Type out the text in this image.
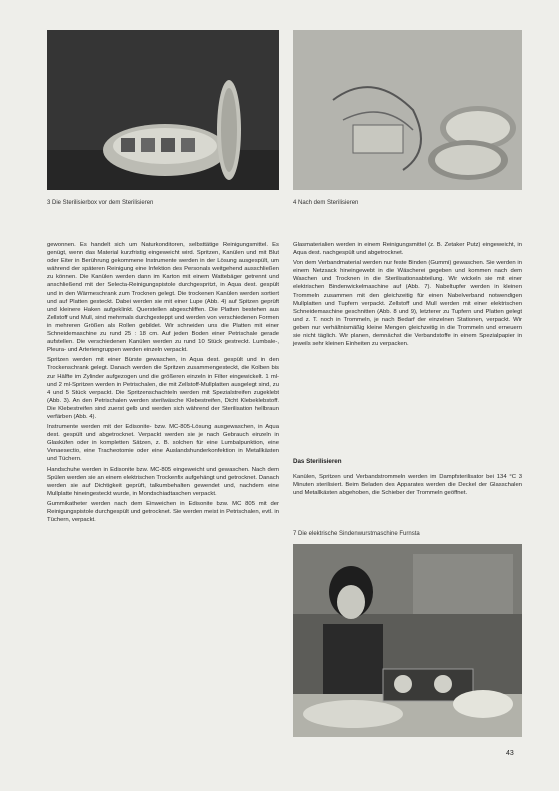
3 Die Sterilisierbox vor dem Sterilisieren	4 Nach dem Sterilisieren

gewonnen. Es handelt sich um Naturkonditoren, selbsttätige Reinigungsmittel. Es genügt, wenn das Material kurzfristig eingeweicht wird. Spritzen, Kanülen und mit Blut oder Eiter in Berührung gekommene Instrumente werden in der Lösung ausgespült, um während der späteren Reinigung eine Infektion des Personals weitgehend ausschließen zu können. Die Kanülen werden dann im Karton mit einem Wattebäger getrennt und anschließend mit der Selecta-Reinigungspistole durchgespritzt, in Aqua dest. gespült und in den Wärmeschrank zum Trocknen gelegt. Die trockenen Kanülen werden sortiert und auf Platten gesteckt. Dabei werden sie mit einer Lupe (Abb. 4) auf Spitzen geprüft und kleinere Haken aufgeklinkt. Querstellen abgeschliffen. Die Platten bestehen aus Zellstoff und Mull, sind mehrmals durchgesteppt und werden von verschiedenen Formen in mehreren Größen als Rollen gebildet. Wir schneiden uns die Platten mit einer Schneidemaschine zu rund 25 : 18 cm. Auf jeden Boden einer Petrischale gerade aufstellen. Die verschiedenen Kanülen werden zu rund 10 Stück gestreckt. Lumbale-, Pleura- und Arteriengruppen werden einzeln verpackt.

Spritzen werden mit einer Bürste gewaschen, in Aqua dest. gespült und in den Trockenschrank gelegt. Danach werden die Spritzen zusammengesteckt, die Kolben bis zur Hälfte im Zylinder aufgezogen und die größeren einzeln in Filter eingewickelt. 1 ml- und 2 ml-Spritzen werden in Petrischalen, die mit Zellstoff-Mullplatten ausgelegt sind, zu 4 und 5 Stück verpackt. Die Spritzenschachteln werden mit Spezialstreifen zugeklebt (Abb. 3). An den Petrischalen werden sterilwäsche Klebestreifen, Dicht Klebeklebstoff. Die Klebestreifen sind zuerst gelb und werden sich während der Sterilisation hellbraun verfärben (Abb. 4).

Instrumente werden mit der Edisonite- bzw. MC-805-Lösung ausgewaschen, in Aqua dest. gespült und abgetrocknet. Verpackt werden sie je nach Gebrauch einzeln in Glasküfen oder in kompletten Sätzen, z. B. solchen für eine Lumbalpunktion, eine Venaesectio, eine Tracheotomie oder eine Auslandshunderkonfektion in Metallkästen und Tüchern.

Handschuhe werden in Edisonite bzw. MC-805 eingeweicht und gewaschen. Nach dem Spülen werden sie an einem elektrischen Trockenfix aufgehängt und getrocknet. Danach werden sie auf Dichtigkeit geprüft, talkumbehalten gewendet und, nachdem eine Mullplatte hineingesteckt wurde, in Mondschiadtaschen verpackt.

Gummikatheter werden nach dem Einweichen in Edisonite bzw. MC 805 mit der Reinigungspistole durchgespült und getrocknet. Sie werden meist in Petrischalen, evtl. in Tüchern, verpackt.

Glasmaterialien werden in einem Reinigungsmittel (z. B. Zetaker Putz) eingeweicht, in Aqua dest. nachgespült und abgetrocknet.

Von dem Verbandmaterial werden nur feste Binden (Gummi) gewaschen. Sie werden in einem Netzsack hineingewebt in die Wäscherei gegeben und kommen nach dem Waschen und Trocknen in die Sterilisationsabteilung. Wir wickeln sie mit einer elektrischen Bindenwickelmaschine auf (Abb. 7). Nabeltupfer werden in kleinen Trommeln zusammen mit den gleichzeitig für einen Nabelverband notwendigen Mullplatten und Tupfern verpackt. Zellstoff und Mull werden mit einer elektrischen Schneidemaschine geschnitten (Abb. 8 und 9), letzterer zu Tupfern und Platten gelegt und z. T. noch in Trommeln, je nach Bedarf der einzelnen Stationen, verpackt. Wir geben nur verhältnismäßig kleine Mengen gleichzeitig in die Trommeln und erneuern sie nicht täglich. Wir planen, demnächst die Verbandstoffe in einem Spezialpapier in jeweils sehr kleinen Einheiten zu verpacken.

Das Sterilisieren

Kanülen, Spritzen und Verbandstrommeln werden im Dampfsterilisator bei 134 °C 3 Minuten sterilisiert. Beim Beladen des Apparates werden die Deckel der Glasschalen und Metallkästen abgehoben, die Schieber der Trommeln geöffnet.

7 Die elektrische Sindenwurstmaschine Furnsta
43
